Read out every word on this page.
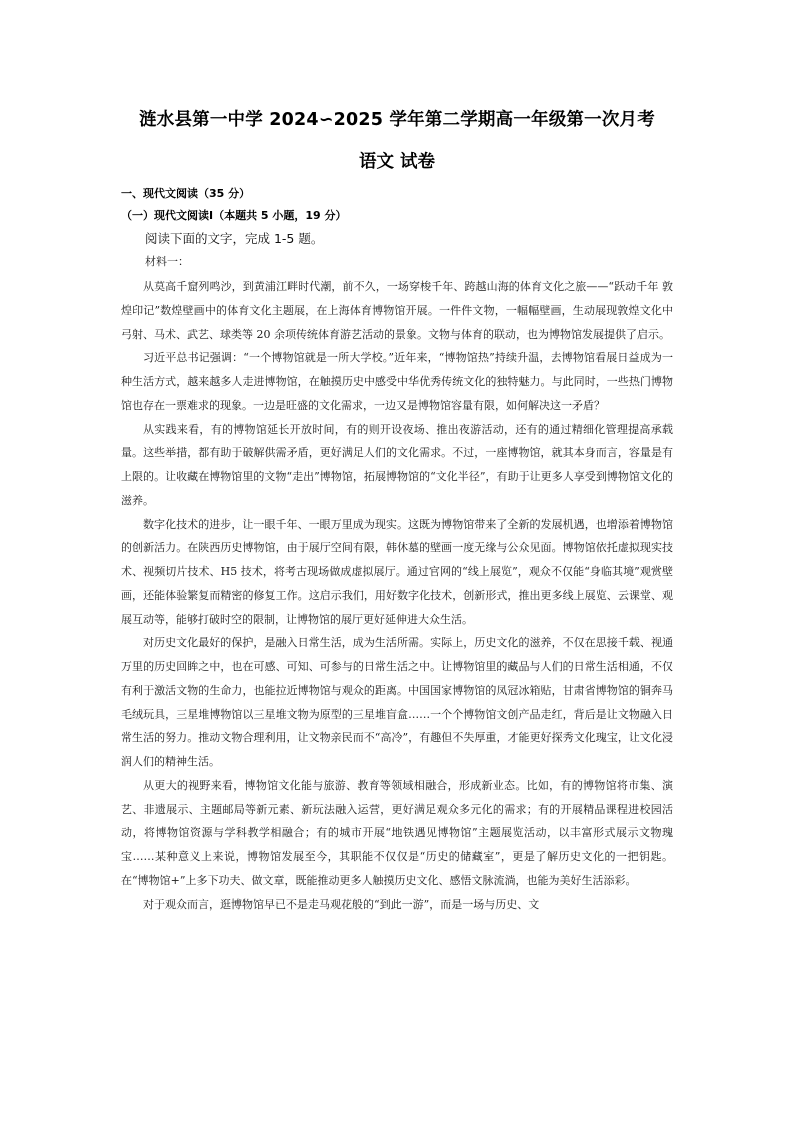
涟水县第一中学 2024∽2025 学年第二学期高一年级第一次月考
语文 试卷
一、现代文阅读（35 分）
（一）现代文阅读Ⅰ（本题共 5 小题，19 分）
阅读下面的文字，完成 1-5 题。
材料一：

从莫高千窟列鸣沙，到黄浦江畔时代潮，前不久，一场穿梭千年、跨越山海的体育文化之旅——“跃动千年 敦煌印记”数煌壁画中的体育文化主题展，在上海体育博物馆开展。一件件文物，一幅幅壁画，生动展现敦煌文化中弓射、马术、武艺、球类等 20 余项传统体育游艺活动的景象。文物与体育的联动，也为博物馆发展提供了启示。

习近平总书记强调：“一个博物馆就是一所大学校。”近年来，“博物馆热”持续升温，去博物馆看展日益成为一种生活方式，越来越多人走进博物馆，在触摸历史中感受中华优秀传统文化的独特魅力。与此同时，一些热门博物馆也存在一票难求的现象。一边是旺盛的文化需求，一边又是博物馆容量有限，如何解决这一矛盾？

从实践来看，有的博物馆延长开放时间，有的则开设夜场、推出夜游活动，还有的通过精细化管理提高承载量。这些举措，都有助于破解供需矛盾，更好满足人们的文化需求。不过，一座博物馆，就其本身而言，容量是有上限的。让收藏在博物馆里的文物“走出”博物馆，拓展博物馆的“文化半径”，有助于让更多人享受到博物馆文化的滋养。

数字化技术的进步，让一眼千年、一眼万里成为现实。这既为博物馆带来了全新的发展机遇，也增添着博物馆的创新活力。在陕西历史博物馆，由于展厅空间有限，韩休墓的壁画一度无缘与公众见面。博物馆依托虚拟现实技术、视频切片技术、H5 技术，将考古现场做成虚拟展厅。通过官网的“线上展览”，观众不仅能“身临其境”观赏壁画，还能体验繁复而精密的修复工作。这启示我们，用好数字化技术，创新形式，推出更多线上展览、云课堂、观展互动等，能够打破时空的限制，让博物馆的展厅更好延伸进大众生活。

对历史文化最好的保护，是融入日常生活，成为生活所需。实际上，历史文化的滋养，不仅在思接千载、视通万里的历史回眸之中，也在可感、可知、可参与的日常生活之中。让博物馆里的藏品与人们的日常生活相通，不仅有利于激活文物的生命力，也能拉近博物馆与观众的距离。中国国家博物馆的凤冠冰箱贴，甘肃省博物馆的铜奔马毛绒玩具，三星堆博物馆以三星堆文物为原型的三星堆盲盒……一个个博物馆文创产品走红，背后是让文物融入日常生活的努力。推动文物合理利用，让文物亲民而不“高冷”，有趣但不失厚重，才能更好探秀文化瑰宝，让文化浸润人们的精神生活。

从更大的视野来看，博物馆文化能与旅游、教育等领域相融合，形成新业态。比如，有的博物馆将市集、演艺、非遗展示、主题邮局等新元素、新玩法融入运营，更好满足观众多元化的需求；有的开展精品课程进校园活动，将博物馆资源与学科教学相融合；有的城市开展“地铁遇见博物馆”主题展览活动，以丰富形式展示文物瑰宝……某种意义上来说，博物馆发展至今，其职能不仅仅是“历史的储藏室”，更是了解历史文化的一把钥匙。在“博物馆+”上多下功夫、做文章，既能推动更多人触摸历史文化、感悟文脉流淌，也能为美好生活添彩。

对于观众而言，逛博物馆早已不是走马观花般的“到此一游”，而是一场与历史、文
